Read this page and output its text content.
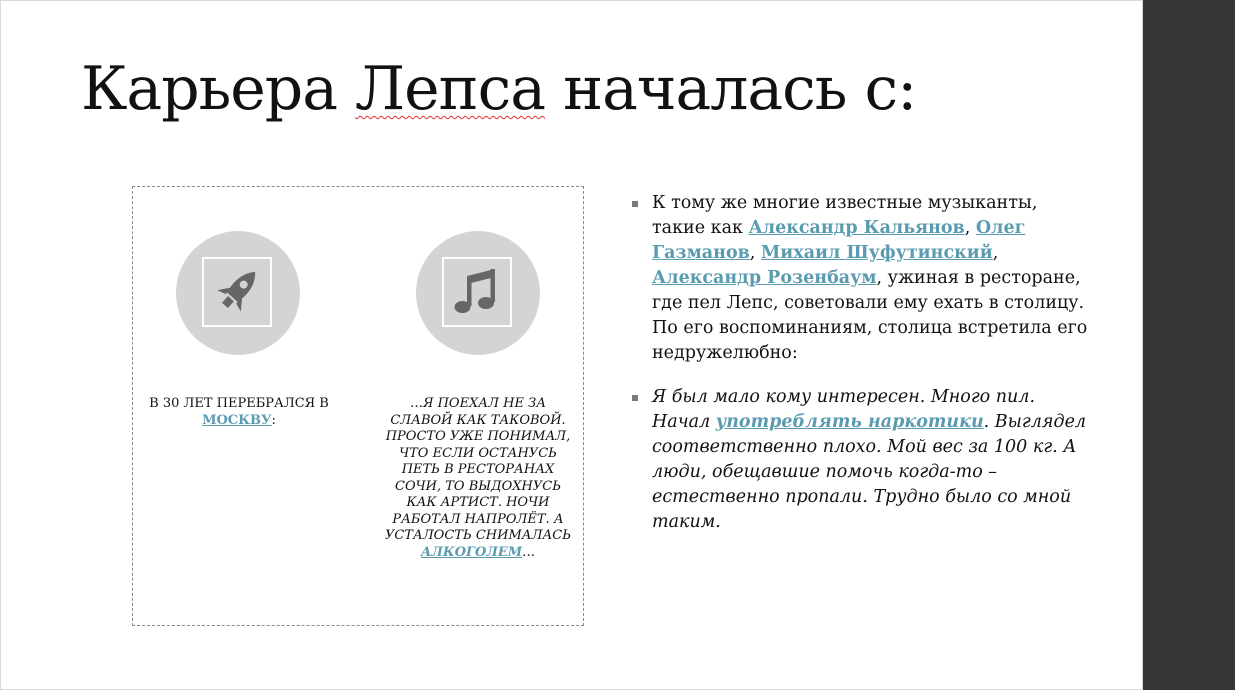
Карьера Лепса началась с:
В 30 ЛЕТ ПЕРЕБРАЛСЯ В МОСКВУ:
…Я ПОЕХАЛ НЕ ЗА СЛАВОЙ КАК ТАКОВОЙ. ПРОСТО УЖЕ ПОНИМАЛ, ЧТО ЕСЛИ ОСТАНУСЬ ПЕТЬ В РЕСТОРАНАХ СОЧИ, ТО ВЫДОХНУСЬ КАК АРТИСТ. НОЧИ РАБОТАЛ НАПРОЛЁТ. А УСТАЛОСТЬ СНИМАЛАСЬ АЛКОГОЛЕМ…
К тому же многие известные музыканты, такие как Александр Кальянов, Олег Газманов, Михаил Шуфутинский, Александр Розенбаум, ужиная в ресторане, где пел Лепс, советовали ему ехать в столицу. По его воспоминаниям, столица встретила его недружелюбно:
Я был мало кому интересен. Много пил. Начал употреблять наркотики. Выглядел соответственно плохо. Мой вес за 100 кг. А люди, обещавшие помочь когда-то – естественно пропали. Трудно было со мной таким.
